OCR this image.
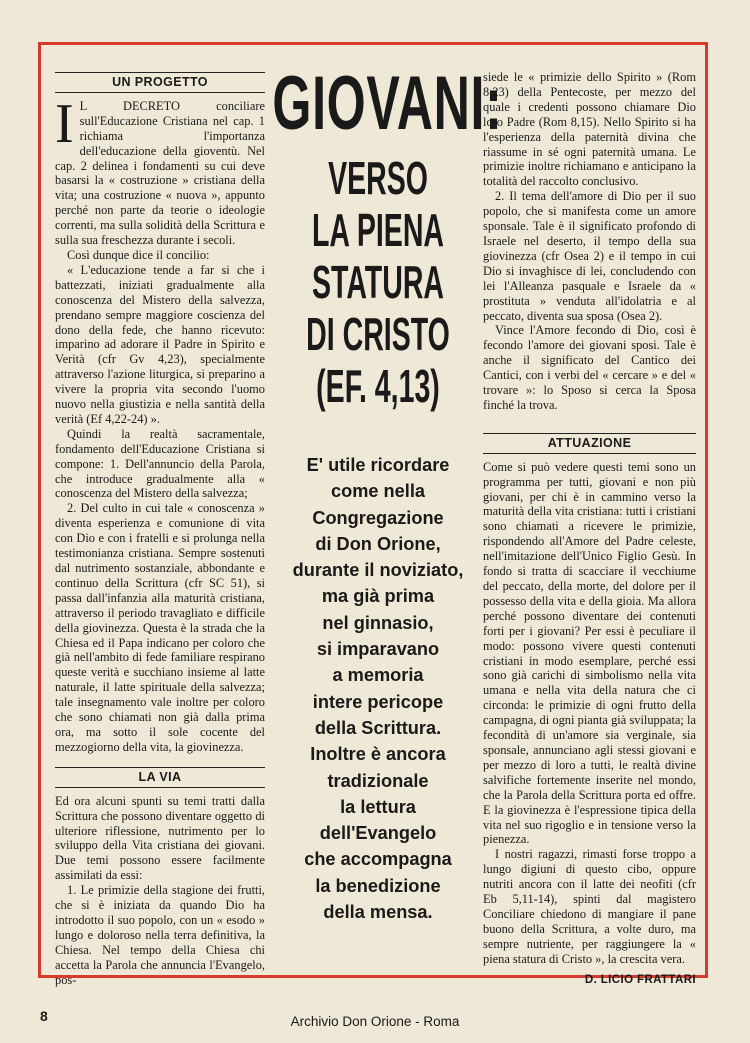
UN PROGETTO

I L DECRETO conciliare sull'Educazione Cristiana nel cap. 1 richiama l'importanza dell'educazione della gioventù. Nel cap. 2 delinea i fondamenti su cui deve basarsi la « costruzione » cristiana della vita; una costruzione « nuova », appunto perché non parte da teorie o ideologie correnti, ma sulla solidità della Scrittura e sulla sua freschezza durante i secoli.

Così dunque dice il concilio:

« L'educazione tende a far si che i battezzati, iniziati gradualmente alla conoscenza del Mistero della salvezza, prendano sempre maggiore coscienza del dono della fede, che hanno ricevuto: imparino ad adorare il Padre in Spirito e Verità (cfr Gv 4,23), specialmente attraverso l'azione liturgica, si preparino a vivere la propria vita secondo l'uomo nuovo nella giustizia e nella santità della verità (Ef 4,22-24) ».

Quindi la realtà sacramentale, fondamento dell'Educazione Cristiana si compone: 1. Dell'annuncio della Parola, che introduce gradualmente alla « conoscenza del Mistero della salvezza;

2. Del culto in cui tale « conoscenza » diventa esperienza e comunione di vita con Dio e con i fratelli e si prolunga nella testimonianza cristiana. Sempre sostenuti dal nutrimento sostanziale, abbondante e continuo della Scrittura (cfr SC 51), si passa dall'infanzia alla maturità cristiana, attraverso il periodo travagliato e difficile della giovinezza. Questa è la strada che la Chiesa ed il Papa indicano per coloro che già nell'ambito di fede familiare respirano queste verità e succhiano insieme al latte naturale, il latte spirituale della salvezza; tale insegnamento vale inoltre per coloro che sono chiamati non già dalla prima ora, ma sotto il sole cocente del mezzogiorno della vita, la giovinezza.

LA VIA

Ed ora alcuni spunti su temi tratti dalla Scrittura che possono diventare oggetto di ulteriore riflessione, nutrimento per lo sviluppo della Vita cristiana dei giovani. Due temi possono essere facilmente assimilati da essi:

1. Le primizie della stagione dei frutti, che si è iniziata da quando Dio ha introdotto il suo popolo, con un « esodo » lungo e doloroso nella terra definitiva, la Chiesa. Nel tempo della Chiesa chi accetta la Parola che annuncia l'Evangelo, pos-

GIOVANI:
VERSO
LA PIENA
STATURA
DI CRISTO
(EF. 4,13)
E' utile ricordare
come nella
Congregazione
di Don Orione,
durante il noviziato,
ma già prima
nel ginnasio,
si imparavano
a memoria
intere pericope
della Scrittura.
Inoltre è ancora
tradizionale
la lettura
dell'Evangelo
che accompagna
la benedizione
della mensa.

siede le « primizie dello Spirito » (Rom 8,23) della Pentecoste, per mezzo del quale i credenti possono chiamare Dio loro Padre (Rom 8,15). Nello Spirito si ha l'esperienza della paternità divina che riassume in sé ogni paternità umana. Le primizie inoltre richiamano e anticipano la totalità del raccolto conclusivo.

2. Il tema dell'amore di Dio per il suo popolo, che si manifesta come un amore sponsale. Tale è il significato profondo di Israele nel deserto, il tempo della sua giovinezza (cfr Osea 2) e il tempo in cui Dio si invaghisce di lei, concludendo con lei l'Alleanza pasquale e Israele da « prostituta » venduta all'idolatria e al peccato, diventa sua sposa (Osea 2).

Vince l'Amore fecondo di Dio, così è fecondo l'amore dei giovani sposi. Tale è anche il significato del Cantico dei Cantici, con i verbi del « cercare » e del « trovare »: lo Sposo si cerca la Sposa finché la trova.

ATTUAZIONE

Come si può vedere questi temi sono un programma per tutti, giovani e non più giovani, per chi è in cammino verso la maturità della vita cristiana: tutti i cristiani sono chiamati a ricevere le primizie, rispondendo all'Amore del Padre celeste, nell'imitazione dell'Unico Figlio Gesù. In fondo si tratta di scacciare il vecchiume del peccato, della morte, del dolore per il possesso della vita e della gioia. Ma allora perché possono diventare dei contenuti forti per i giovani? Per essi è peculiare il modo: possono vivere questi contenuti cristiani in modo esemplare, perché essi sono già carichi di simbolismo nella vita umana e nella vita della natura che ci circonda: le primizie di ogni frutto della campagna, di ogni pianta già sviluppata; la fecondità di un'amore sia verginale, sia sponsale, annunciano agli stessi giovani e per mezzo di loro a tutti, le realtà divine salvifiche fortemente inserite nel mondo, che la Parola della Scrittura porta ed offre. E la giovinezza è l'espressione tipica della vita nel suo rigoglio e in tensione verso la pienezza.

I nostri ragazzi, rimasti forse troppo a lungo digiuni di questo cibo, oppure nutriti ancora con il latte dei neofiti (cfr Eb 5,11-14), spinti dal magistero Conciliare chiedono di mangiare il pane buono della Scrittura, a volte duro, ma sempre nutriente, per raggiungere la « piena statura di Cristo », la crescita vera.

D. LICIO FRATTARI
8	Archivio Don Orione - Roma
